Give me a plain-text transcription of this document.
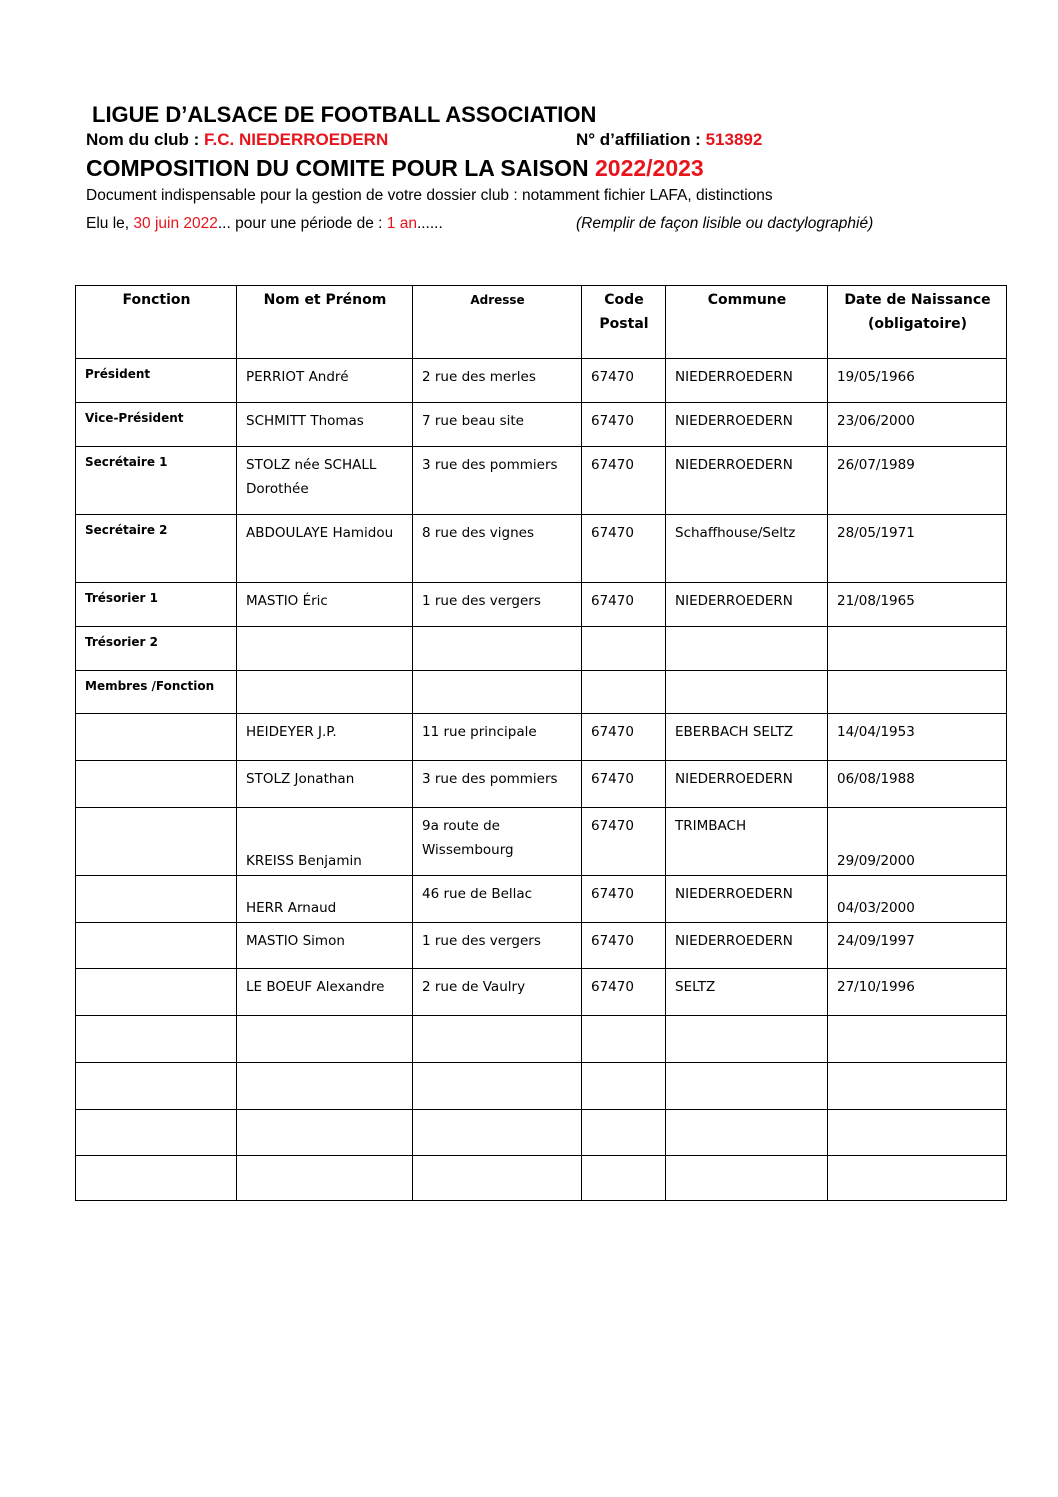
LIGUE D’ALSACE DE FOOTBALL ASSOCIATION
Nom du club : F.C. NIEDERROEDERN	N° d’affiliation : 513892
COMPOSITION DU COMITE POUR LA SAISON 2022/2023
Document indispensable pour la gestion de votre dossier club : notamment fichier LAFA, distinctions
Elu le, 30 juin 2022... pour une période de : 1 an......	(Remplir de façon lisible ou dactylographié)
Fonction	Nom et Prénom	Adresse	Code Postal	Commune	Date de Naissance (obligatoire)
Président	PERRIOT André	2 rue des merles	67470	NIEDERROEDERN	19/05/1966
Vice-Président	SCHMITT Thomas	7 rue beau site	67470	NIEDERROEDERN	23/06/2000
Secrétaire 1	STOLZ née SCHALL Dorothée	3 rue des pommiers	67470	NIEDERROEDERN	26/07/1989
Secrétaire 2	ABDOULAYE Hamidou	8 rue des vignes	67470	Schaffhouse/Seltz	28/05/1971
Trésorier 1	MASTIO Éric	1 rue des vergers	67470	NIEDERROEDERN	21/08/1965
Trésorier 2					
Membres /Fonction					
	HEIDEYER J.P.	11 rue principale	67470	EBERBACH SELTZ	14/04/1953
	STOLZ Jonathan	3 rue des pommiers	67470	NIEDERROEDERN	06/08/1988
	KREISS Benjamin	9a route de Wissembourg	67470	TRIMBACH	29/09/2000
	HERR Arnaud	46 rue de Bellac	67470	NIEDERROEDERN	04/03/2000
	MASTIO Simon	1 rue des vergers	67470	NIEDERROEDERN	24/09/1997
	LE BOEUF Alexandre	2 rue de Vaulry	67470	SELTZ	27/10/1996
